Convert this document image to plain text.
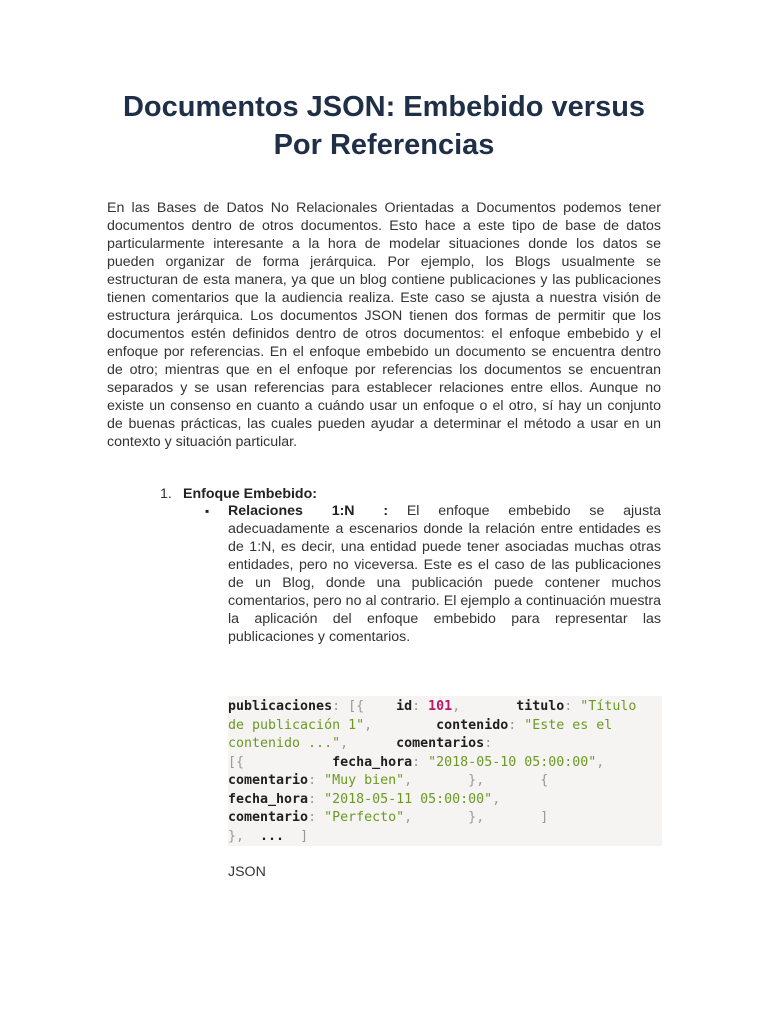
Documentos JSON: Embebido versus Por Referencias

En las Bases de Datos No Relacionales Orientadas a Documentos podemos tener documentos dentro de otros documentos. Esto hace a este tipo de base de datos particularmente interesante a la hora de modelar situaciones donde los datos se pueden organizar de forma jerárquica. Por ejemplo, los Blogs usualmente se estructuran de esta manera, ya que un blog contiene publicaciones y las publicaciones tienen comentarios que la audiencia realiza. Este caso se ajusta a nuestra visión de estructura jerárquica. Los documentos JSON tienen dos formas de permitir que los documentos estén definidos dentro de otros documentos: el enfoque embebido y el enfoque por referencias. En el enfoque embebido un documento se encuentra dentro de otro; mientras que en el enfoque por referencias los documentos se encuentran separados y se usan referencias para establecer relaciones entre ellos. Aunque no existe un consenso en cuanto a cuándo usar un enfoque o el otro, sí hay un conjunto de buenas prácticas, las cuales pueden ayudar a determinar el método a usar en un contexto y situación particular.

1. Enfoque Embebido:
▪ Relaciones 1:N : El enfoque embebido se ajusta adecuadamente a escenarios donde la relación entre entidades es de 1:N, es decir, una entidad puede tener asociadas muchas otras entidades, pero no viceversa. Este es el caso de las publicaciones de un Blog, donde una publicación puede contener muchos comentarios, pero no al contrario. El ejemplo a continuación muestra la aplicación del enfoque embebido para representar las publicaciones y comentarios.

publicaciones: [{    id: 101,       titulo: "Título
de publicación 1",        contenido: "Este es el
contenido ...",      comentarios:
[{           fecha_hora: "2018-05-10 05:00:00",
comentario: "Muy bien",       },       {
fecha_hora: "2018-05-11 05:00:00",
comentario: "Perfecto",       },       ]
},  ...  ]
JSON
